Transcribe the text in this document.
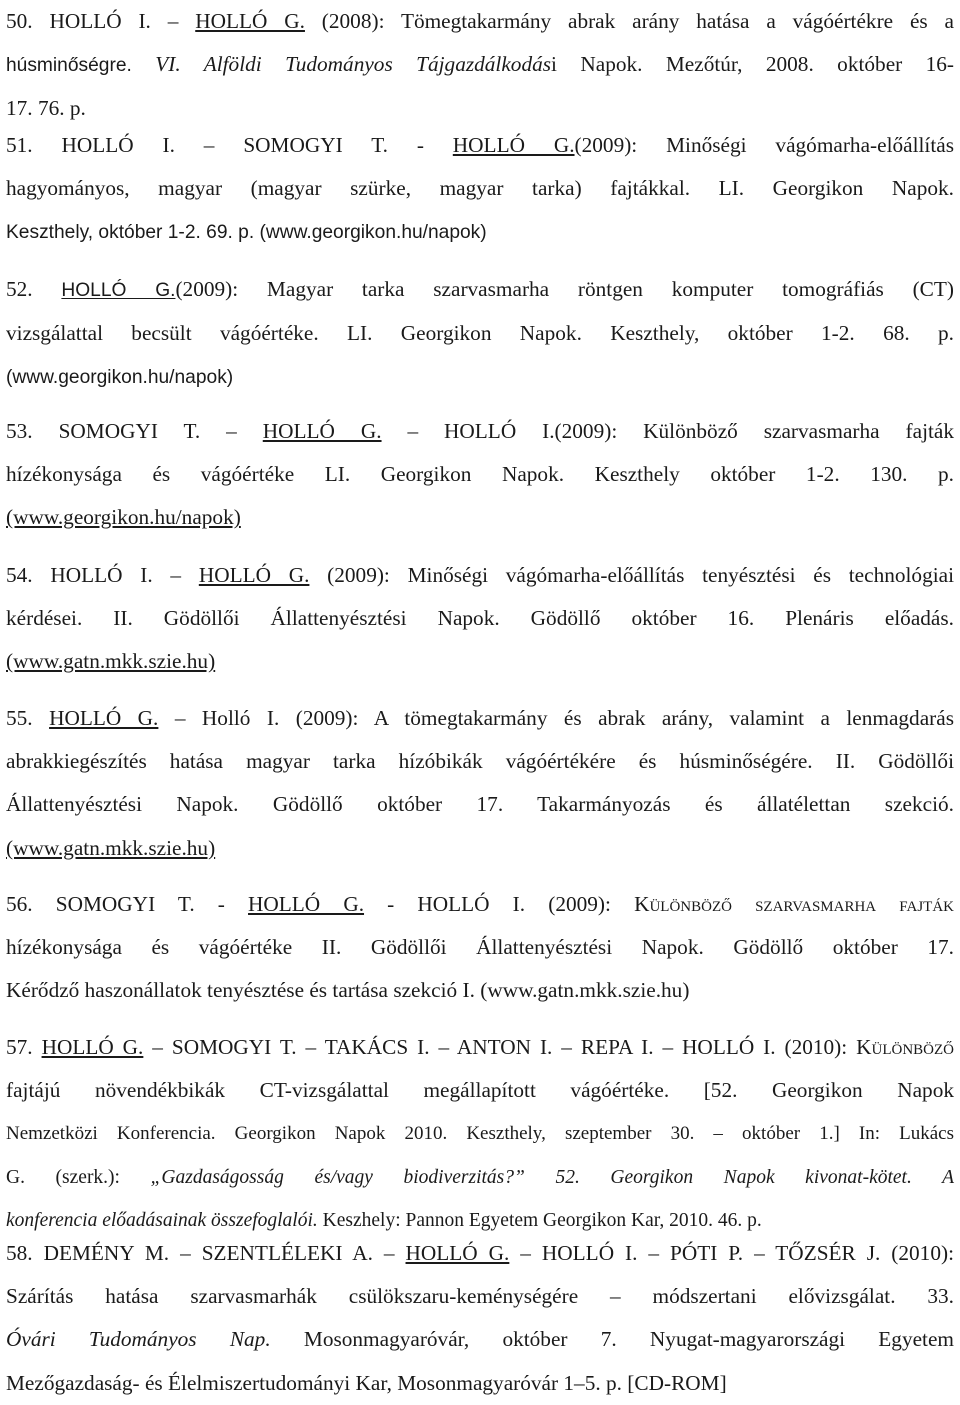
50. HOLLÓ I. – HOLLÓ G. (2008): Tömegtakarmány abrak arány hatása a vágóértékre és a
húsminőségre. VI. Alföldi Tudományos Tájgazdálkodási Napok. Mezőtúr, 2008. október 16-
17. 76. p.
51. HOLLÓ I. – SOMOGYI T. - HOLLÓ G.(2009): Minőségi vágómarha-előállítás
hagyományos, magyar (magyar szürke, magyar tarka) fajtákkal. LI. Georgikon Napok.
Keszthely, október 1-2. 69. p. (www.georgikon.hu/napok)
52. HOLLÓ G.(2009): Magyar tarka szarvasmarha röntgen komputer tomográfiás (CT)
vizsgálattal becsült vágóértéke. LI. Georgikon Napok. Keszthely, október 1-2. 68. p.
(www.georgikon.hu/napok)
53. SOMOGYI T. – HOLLÓ G. – HOLLÓ I.(2009): Különböző szarvasmarha fajták
hízékonysága és vágóértéke LI. Georgikon Napok. Keszthely október 1-2. 130. p.
(www.georgikon.hu/napok)
54. HOLLÓ I. – HOLLÓ G. (2009): Minőségi vágómarha-előállítás tenyésztési és technológiai
kérdései. II. Gödöllői Állattenyésztési Napok. Gödöllő október 16. Plenáris előadás.
(www.gatn.mkk.szie.hu)
55. HOLLÓ G. – Holló I. (2009): A tömegtakarmány és abrak arány, valamint a lenmagdarás
abrakkiegészítés hatása magyar tarka hízóbikák vágóértékére és húsminőségére. II. Gödöllői
Állattenyésztési Napok. Gödöllő október 17. Takarmányozás és állatélettan szekció.
(www.gatn.mkk.szie.hu)
56. SOMOGYI T. - HOLLÓ G. - HOLLÓ I. (2009): Különböző szarvasmarha fajták
hízékonysága és vágóértéke II. Gödöllői Állattenyésztési Napok. Gödöllő október 17.
Kérődző haszonállatok tenyésztése és tartása szekció I. (www.gatn.mkk.szie.hu)
57. HOLLÓ G. – SOMOGYI T. – TAKÁCS I. – ANTON I. – REPA I. – HOLLÓ I. (2010): Különböző
fajtájú növendékbikák CT-vizsgálattal megállapított vágóértéke. [52. Georgikon Napok
Nemzetközi Konferencia. Georgikon Napok 2010. Keszthely, szeptember 30. – október 1.] In: Lukács
G. (szerk.): „Gazdaságosság és/vagy biodiverzitás?” 52. Georgikon Napok kivonat-kötet. A
konferencia előadásainak összefoglalói. Keszhely: Pannon Egyetem Georgikon Kar, 2010. 46. p.
58. DEMÉNY M. – SZENTLÉLEKI A. – HOLLÓ G. – HOLLÓ I. – PÓTI P. – TŐZSÉR J. (2010):
Szárítás hatása szarvasmarhák csülökszaru-keménységére – módszertani elővizsgálat. 33.
Óvári Tudományos Nap. Mosonmagyaróvár, október 7. Nyugat-magyarországi Egyetem
Mezőgazdaság- és Élelmiszertudományi Kar, Mosonmagyaróvár 1–5. p. [CD-ROM]
